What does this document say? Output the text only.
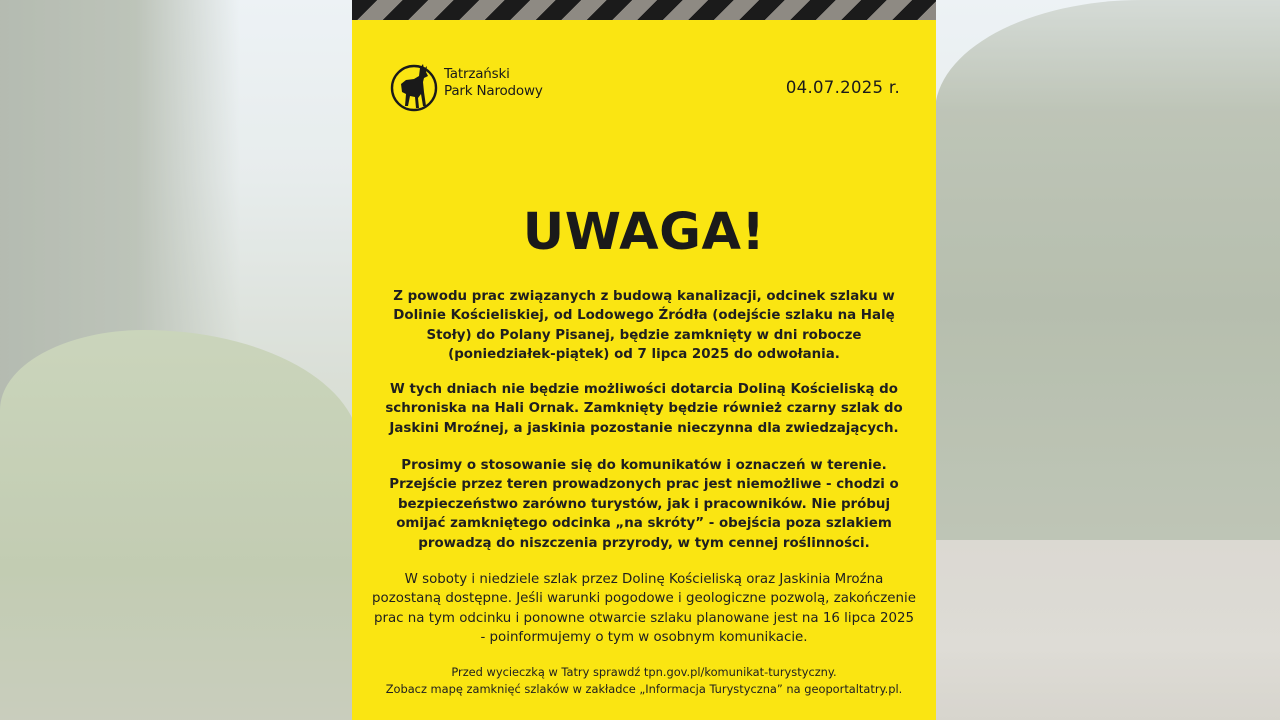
Tatrzański
Park Narodowy	04.07.2025 r.
UWAGA!
Z powodu prac związanych z budową kanalizacji, odcinek szlaku w Dolinie Kościeliskiej, od Lodowego Źródła (odejście szlaku na Halę Stoły) do Polany Pisanej, będzie zamknięty w dni robocze (poniedziałek-piątek) od 7 lipca 2025 do odwołania.
W tych dniach nie będzie możliwości dotarcia Doliną Kościeliską do schroniska na Hali Ornak. Zamknięty będzie również czarny szlak do Jaskini Mroźnej, a jaskinia pozostanie nieczynna dla zwiedzających.
Prosimy o stosowanie się do komunikatów i oznaczeń w terenie. Przejście przez teren prowadzonych prac jest niemożliwe - chodzi o bezpieczeństwo zarówno turystów, jak i pracowników. Nie próbuj omijać zamkniętego odcinka „na skróty” - obejścia poza szlakiem prowadzą do niszczenia przyrody, w tym cennej roślinności.
W soboty i niedziele szlak przez Dolinę Kościeliską oraz Jaskinia Mroźna pozostaną dostępne. Jeśli warunki pogodowe i geologiczne pozwolą, zakończenie prac na tym odcinku i ponowne otwarcie szlaku planowane jest na 16 lipca 2025 - poinformujemy o tym w osobnym komunikacie.
Przed wycieczką w Tatry sprawdź tpn.gov.pl/komunikat-turystyczny.
Zobacz mapę zamknięć szlaków w zakładce „Informacja Turystyczna” na geoportaltatry.pl.
